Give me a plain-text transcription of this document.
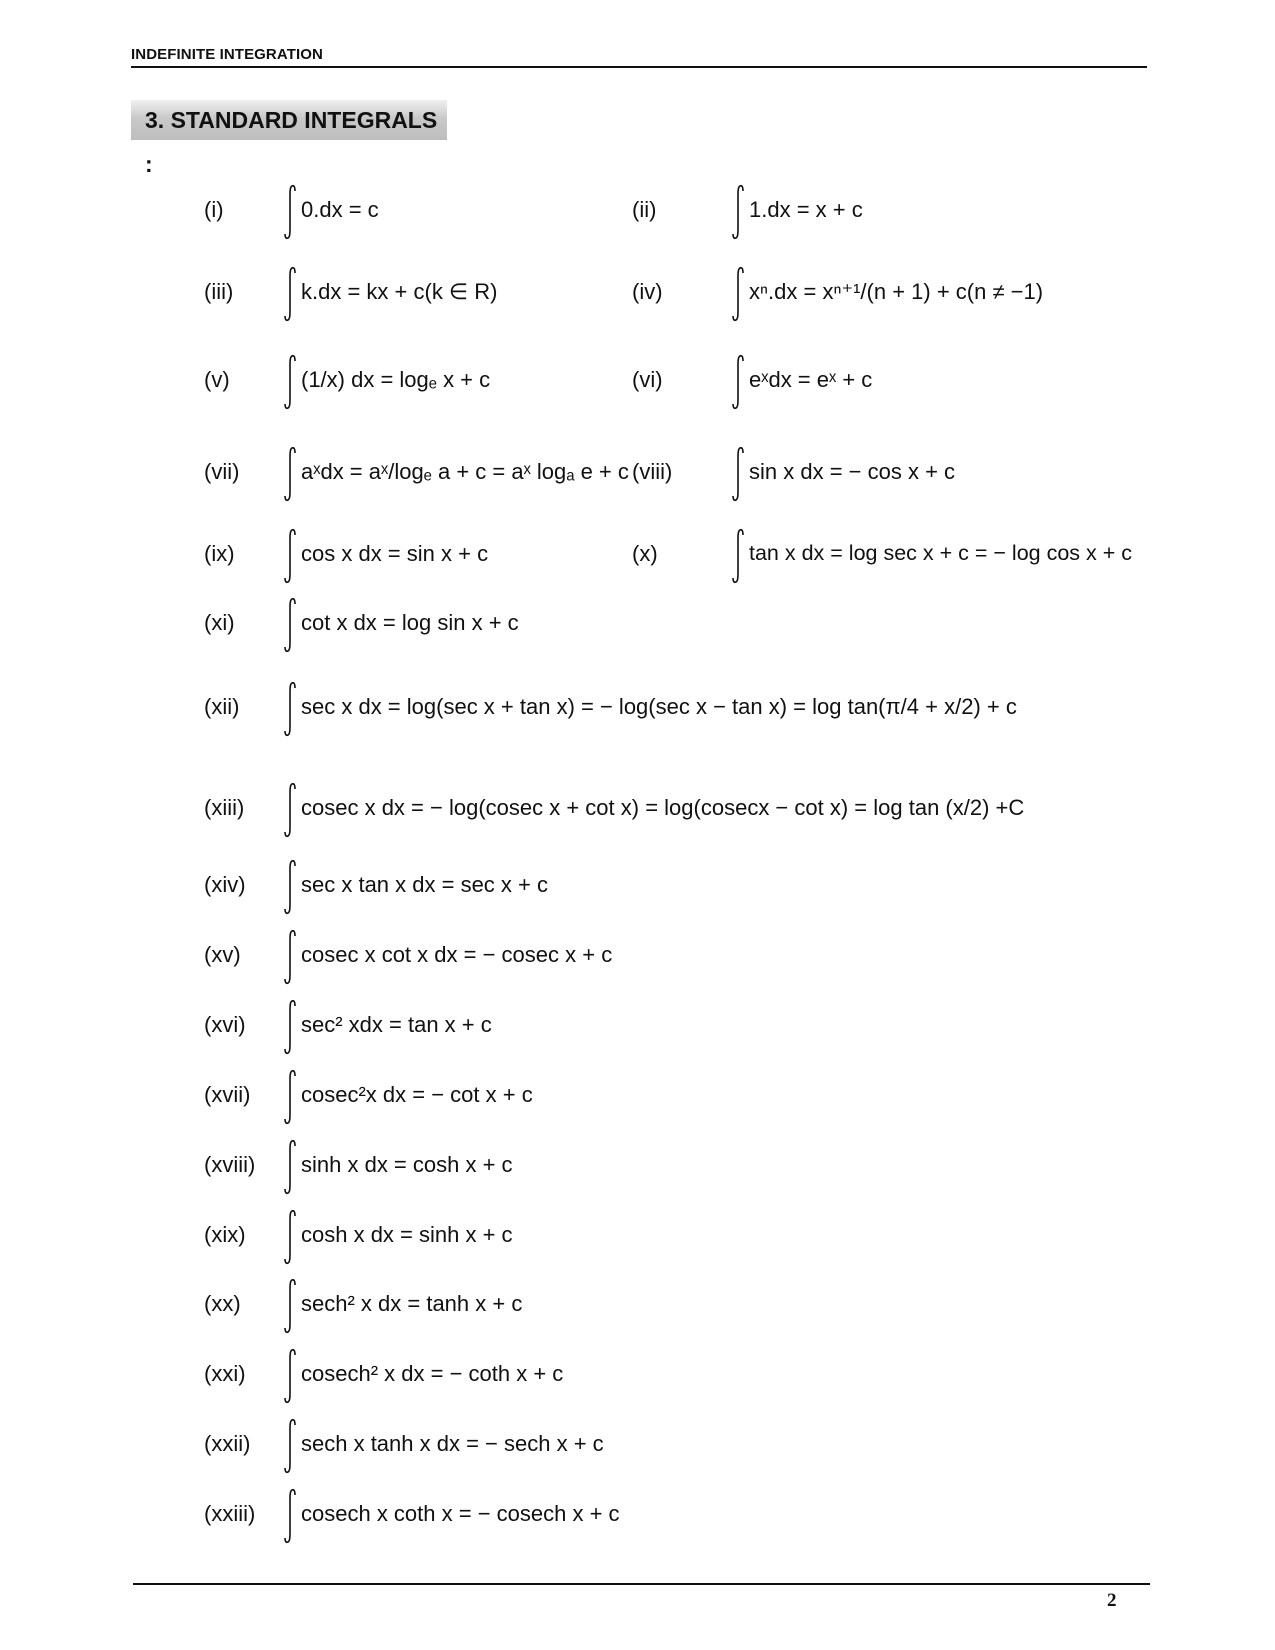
INDEFINITE INTEGRATION
3. STANDARD INTEGRALS :
(i)	0.dx = c	(ii)	1.dx = x + c
(iii)	k.dx = kx + c(k ∈ R)	(iv)	xⁿ.dx = xⁿ⁺¹/(n + 1) + c(n ≠ −1)
(v)	(1/x) dx = logₑ x + c	(vi)	eˣdx = eˣ + c
(vii)	aˣdx = aˣ/logₑ a + c = aˣ logₐ e + c (viii)	sin x dx = − cos x + c
(ix)	cos x dx = sin x + c	(x)	tan x dx = log sec x + c = − log cos x + c
(xi)	cot x dx = log sin x + c
(xii)	sec x dx = log(sec x + tan x) = − log(sec x − tan x) = log tan(π/4 + x/2) + c
(xiii)	cosec x dx = − log(cosec x + cot x) = log(cosecx − cot x) = log tan (x/2) +C
(xiv)	sec x tan x dx = sec x + c
(xv)	cosec x cot x dx = − cosec x + c
(xvi)	sec² xdx = tan x + c
(xvii) cosec²x dx = − cot x + c
(xviii) sinh x dx = cosh x + c
(xix)	cosh x dx = sinh x + c
(xx)	sech² x dx = tanh x + c
(xxi)	cosech² x dx = − coth x + c
(xxii) sech x tanh x dx = − sech x + c
(xxiii) cosech x coth x = − cosech x + c
2
